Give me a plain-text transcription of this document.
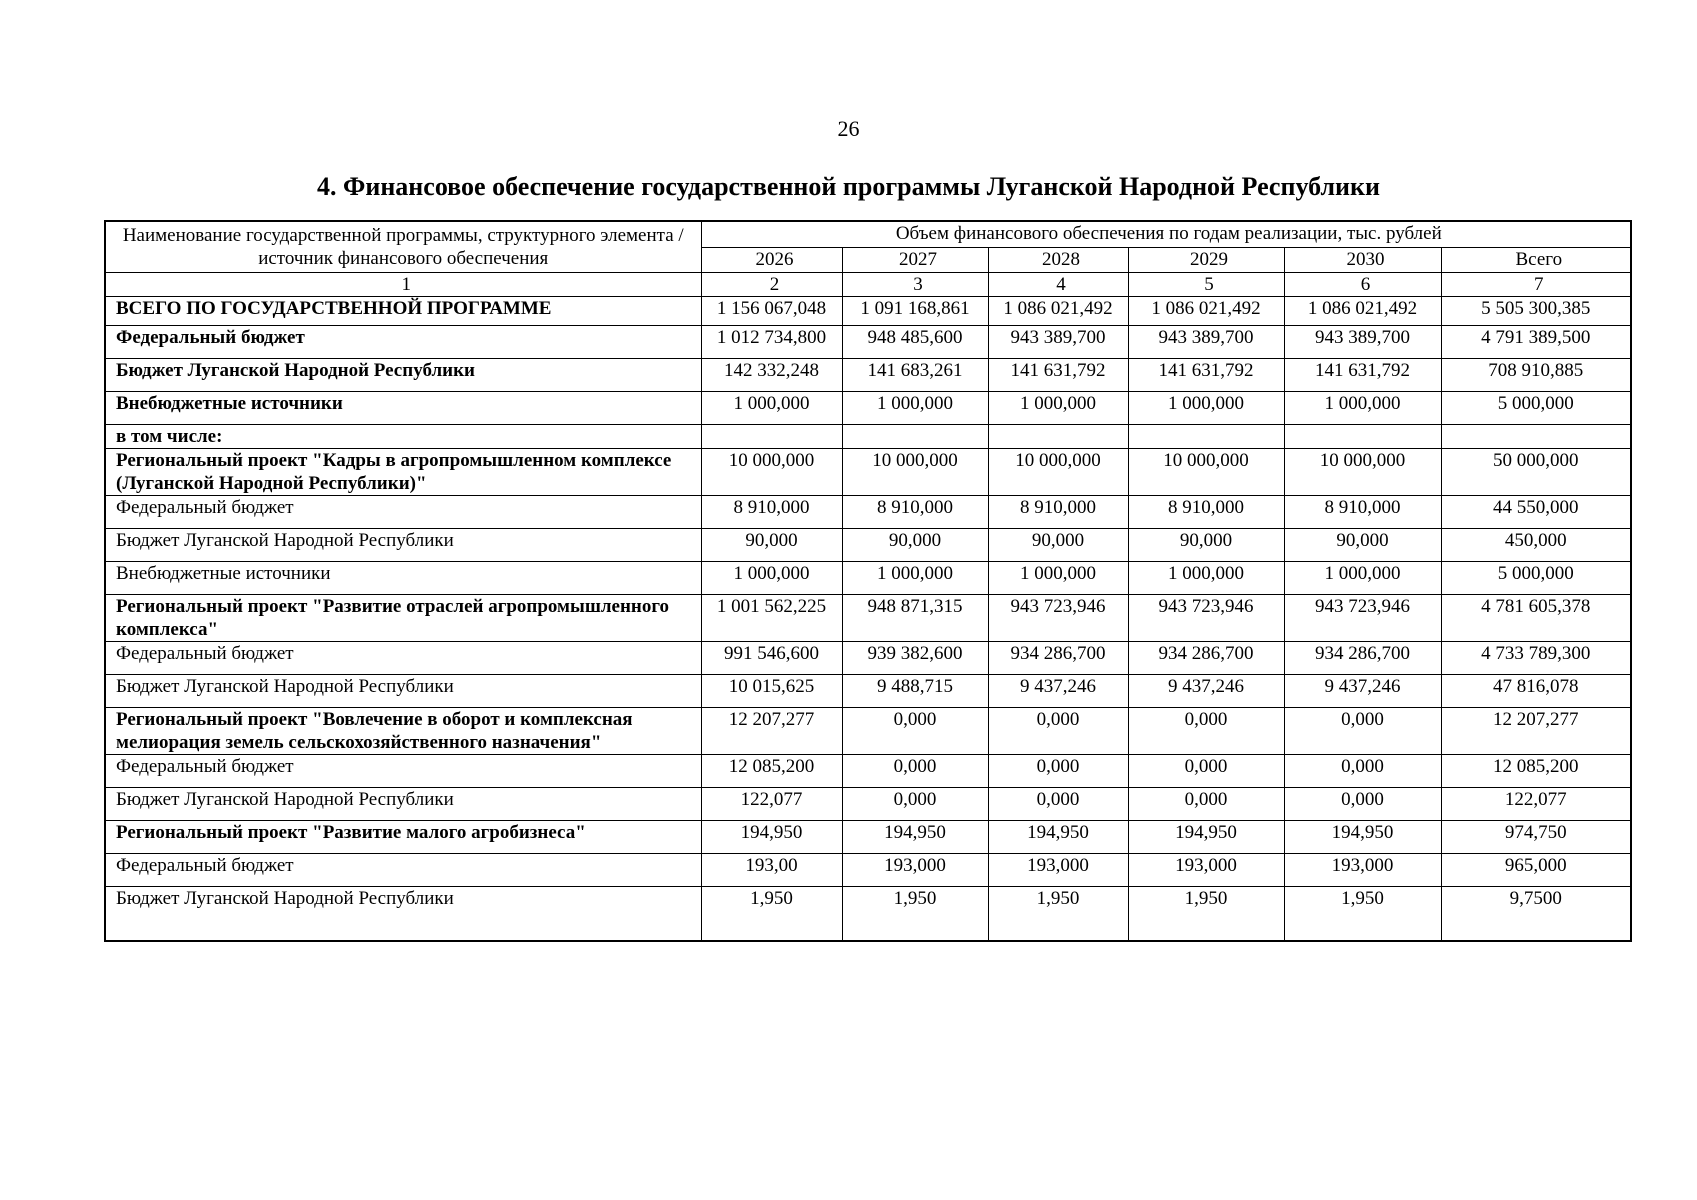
26
4. Финансовое обеспечение государственной программы Луганской Народной Республики
Наименование государственной программы, структурного элемента / источник финансового обеспечения	Объем финансового обеспечения по годам реализации, тыс. рублей					
	2026	2027	2028	2029	2030	Всего
1	2	3	4	5	6	7
ВСЕГО ПО ГОСУДАРСТВЕННОЙ ПРОГРАММЕ	1 156 067,048	1 091 168,861	1 086 021,492	1 086 021,492	1 086 021,492	5 505 300,385
Федеральный бюджет	1 012 734,800	948 485,600	943 389,700	943 389,700	943 389,700	4 791 389,500
Бюджет Луганской Народной Республики	142 332,248	141 683,261	141 631,792	141 631,792	141 631,792	708 910,885
Внебюджетные источники	1 000,000	1 000,000	1 000,000	1 000,000	1 000,000	5 000,000
в том числе:						
Региональный проект "Кадры в агропромышленном комплексе (Луганской Народной Республики)"	10 000,000	10 000,000	10 000,000	10 000,000	10 000,000	50 000,000
Федеральный бюджет	8 910,000	8 910,000	8 910,000	8 910,000	8 910,000	44 550,000
Бюджет Луганской Народной Республики	90,000	90,000	90,000	90,000	90,000	450,000
Внебюджетные источники	1 000,000	1 000,000	1 000,000	1 000,000	1 000,000	5 000,000
Региональный проект "Развитие отраслей агропромышленного комплекса"	1 001 562,225	948 871,315	943 723,946	943 723,946	943 723,946	4 781 605,378
Федеральный бюджет	991 546,600	939 382,600	934 286,700	934 286,700	934 286,700	4 733 789,300
Бюджет Луганской Народной Республики	10 015,625	9 488,715	9 437,246	9 437,246	9 437,246	47 816,078
Региональный проект "Вовлечение в оборот и комплексная мелиорация земель сельскохозяйственного назначения"	12 207,277	0,000	0,000	0,000	0,000	12 207,277
Федеральный бюджет	12 085,200	0,000	0,000	0,000	0,000	12 085,200
Бюджет Луганской Народной Республики	122,077	0,000	0,000	0,000	0,000	122,077
Региональный проект "Развитие малого агробизнеса"	194,950	194,950	194,950	194,950	194,950	974,750
Федеральный бюджет	193,00	193,000	193,000	193,000	193,000	965,000
Бюджет Луганской Народной Республики	1,950	1,950	1,950	1,950	1,950	9,7500
